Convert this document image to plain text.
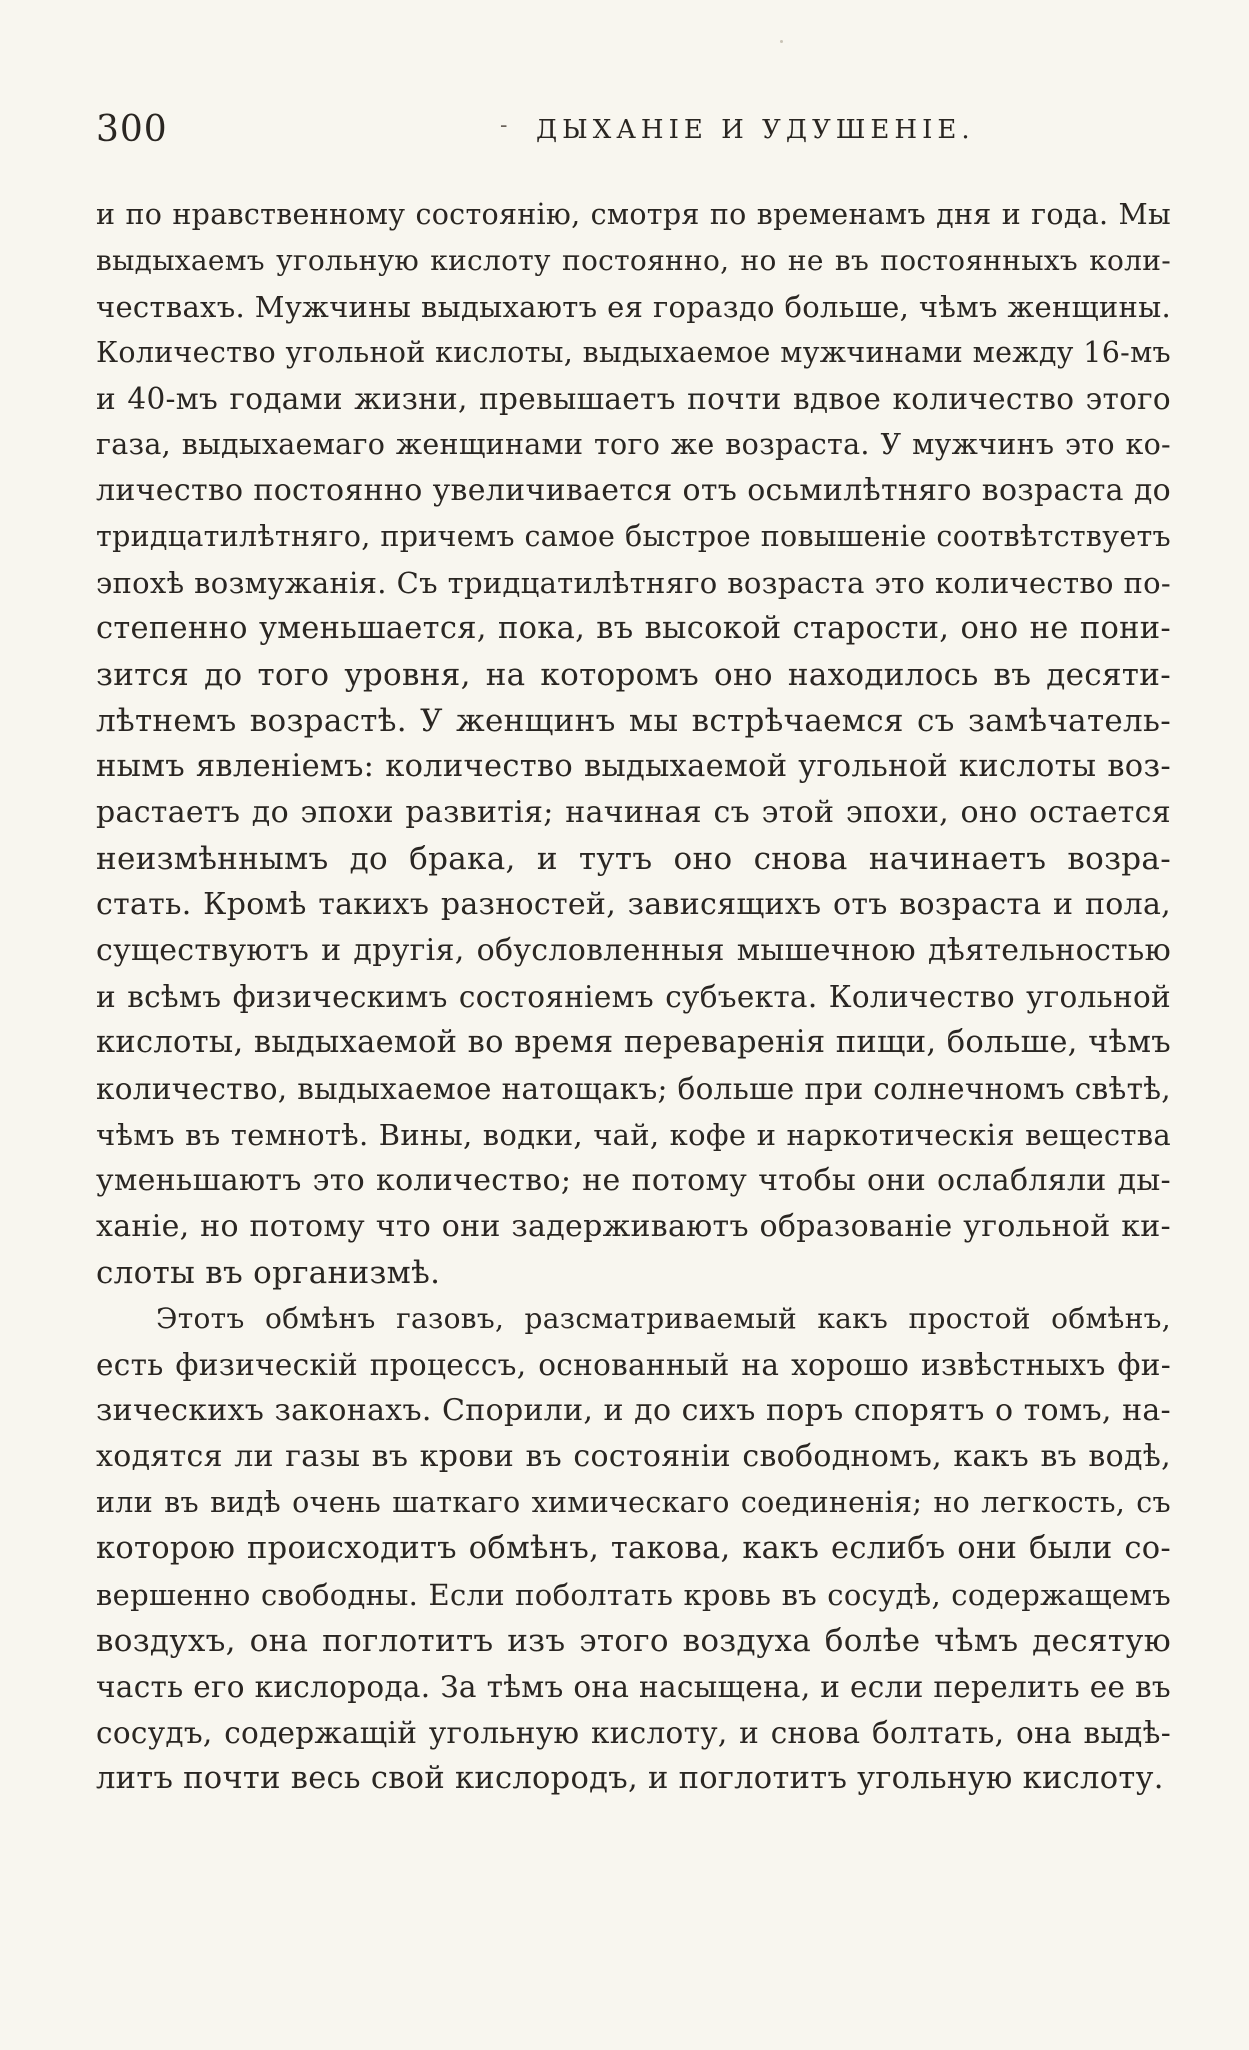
300	- ДЫХАНІЕ И УДУШЕНІЕ.
и по нравственному состоянію, смотря по временамъ дня и года. Мы
выдыхаемъ угольную кислоту постоянно, но не въ постоянныхъ коли-
чествахъ. Мужчины выдыхаютъ ея гораздо больше, чѣмъ женщины.
Количество угольной кислоты, выдыхаемое мужчинами между 16-мъ
и 40-мъ годами жизни, превышаетъ почти вдвое количество этого
газа, выдыхаемаго женщинами того же возраста. У мужчинъ это ко-
личество постоянно увеличивается отъ осьмилѣтняго возраста до
тридцатилѣтняго, причемъ самое быстрое повышеніе соотвѣтствуетъ
эпохѣ возмужанія. Съ тридцатилѣтняго возраста это количество по-
степенно уменьшается, пока, въ высокой старости, оно не пони-
зится до того уровня, на которомъ оно находилось въ десяти-
лѣтнемъ возрастѣ. У женщинъ мы встрѣчаемся съ замѣчатель-
нымъ явленіемъ: количество выдыхаемой угольной кислоты воз-
растаетъ до эпохи развитія; начиная съ этой эпохи, оно остается
неизмѣннымъ до брака, и тутъ оно снова начинаетъ возра-
стать. Кромѣ такихъ разностей, зависящихъ отъ возраста и пола,
существуютъ и другія, обусловленныя мышечною дѣятельностью
и всѣмъ физическимъ состояніемъ субъекта. Количество угольной
кислоты, выдыхаемой во время переваренія пищи, больше, чѣмъ
количество, выдыхаемое натощакъ; больше при солнечномъ свѣтѣ,
чѣмъ въ темнотѣ. Вины, водки, чай, кофе и наркотическія вещества
уменьшаютъ это количество; не потому чтобы они ослабляли ды-
ханіе, но потому что они задерживаютъ образованіе угольной ки-
слоты въ организмѣ.
Этотъ обмѣнъ газовъ, разсматриваемый какъ простой обмѣнъ,
есть физическій процессъ, основанный на хорошо извѣстныхъ фи-
зическихъ законахъ. Спорили, и до сихъ поръ спорятъ о томъ, на-
ходятся ли газы въ крови въ состояніи свободномъ, какъ въ водѣ,
или въ видѣ очень шаткаго химическаго соединенія; но легкость, съ
которою происходитъ обмѣнъ, такова, какъ еслибъ они были со-
вершенно свободны. Если поболтать кровь въ сосудѣ, содержащемъ
воздухъ, она поглотитъ изъ этого воздуха болѣе чѣмъ десятую
часть его кислорода. За тѣмъ она насыщена, и если перелить ее въ
сосудъ, содержащій угольную кислоту, и снова болтать, она выдѣ-
литъ почти весь свой кислородъ, и поглотитъ угольную кислоту.
